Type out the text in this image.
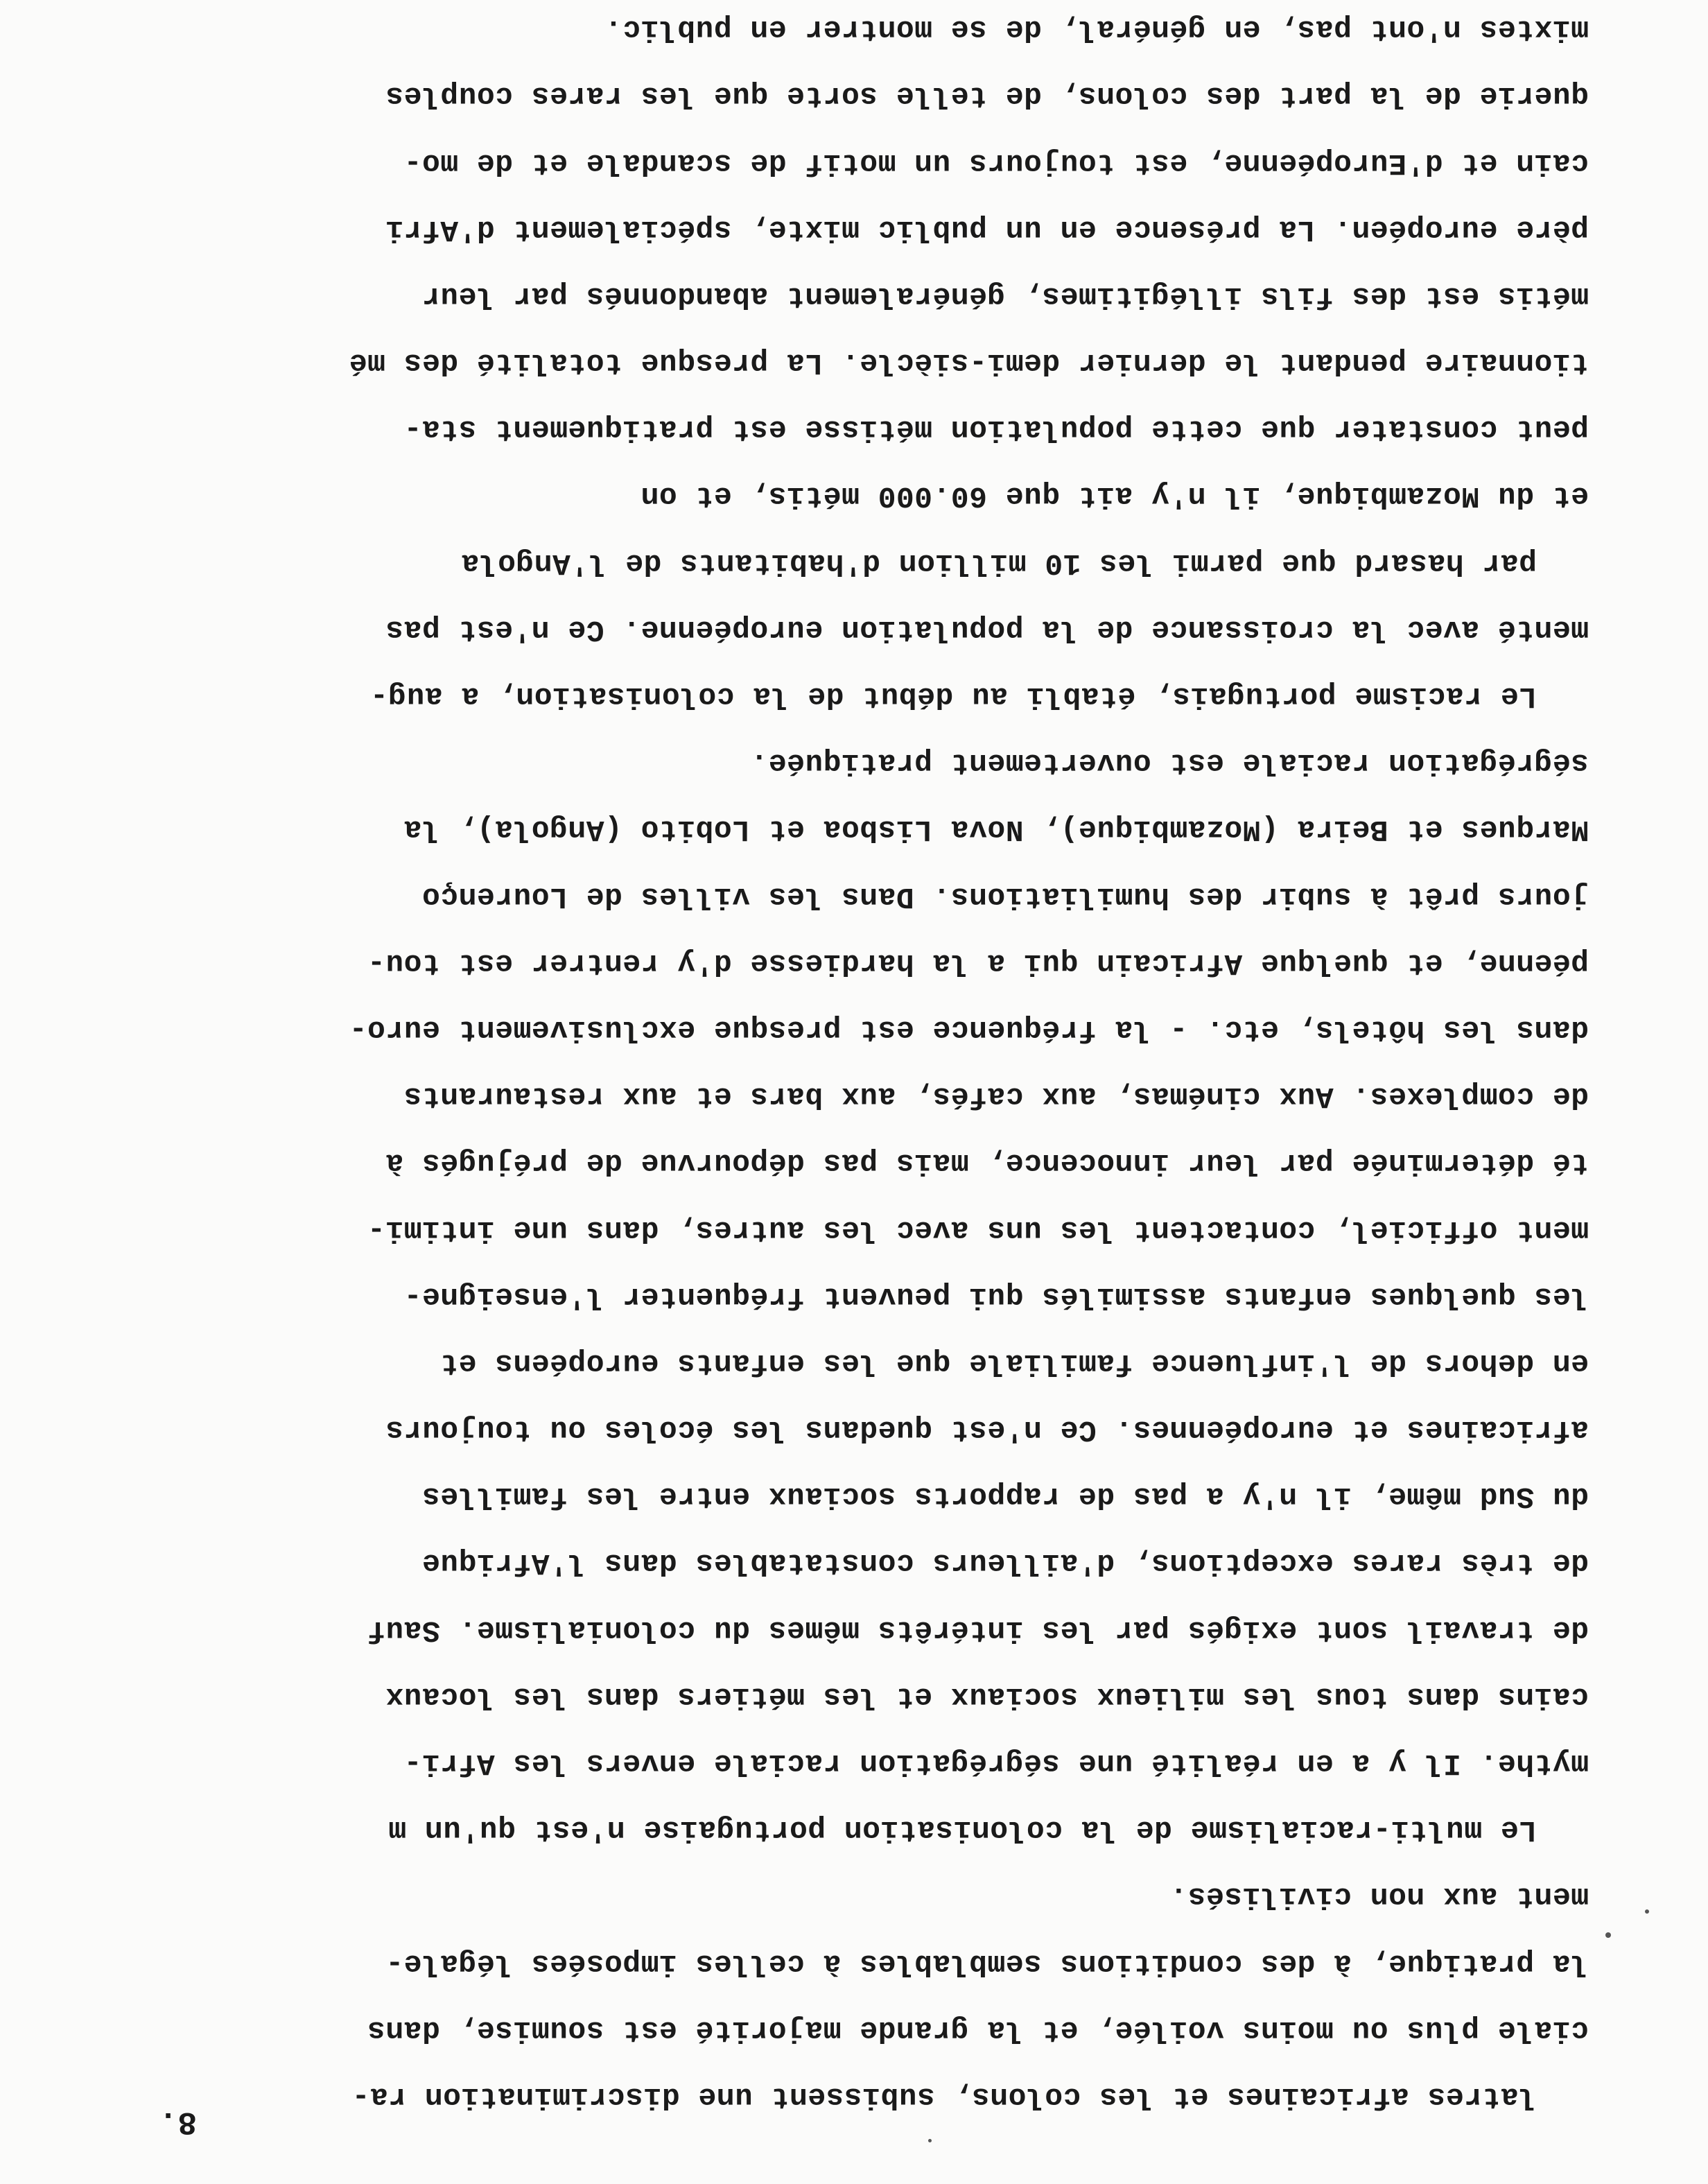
8.
latres africaines et les colons, subissent une discrimination ra-
ciale plus ou moins voilée, et la grande majorité est soumise, dans
la pratique, à des conditions semblables à celles imposées légale-
ment aux non civilisés.
Le multi-racialisme de la colonisation portugaise n'est qu'un m
mythe. Il y a en réalité une ségrégation raciale envers les Afri-
cains dans tous les milieux sociaux et les métiers dans les locaux
de travail sont exigés par les intérêts mêmes du colonialisme. Sauf
de très rares exceptions, d'ailleurs constatables dans l'Afrique
du Sud même, il n'y a pas de rapports sociaux entre les familles
africaines et européennes. Ce n'est quedans les écoles ou toujours
en dehors de l'influence familiale que les enfants européens et
les quelques enfants assimilés qui peuvent fréquenter l'enseigne-
ment officiel, contactent les uns avec les autres, dans une intimi-
té déterminée par leur innocence, mais pas dépourvue de préjugés à
de complexes. Aux cinémas, aux cafés, aux bars et aux restaurants
dans les hôtels, etc. - la fréquence est presque exclusivement euro-
péenne, et quelque Africain qui a la hardiesse d'y rentrer est tou-
jours prêt à subir des humiliations. Dans les villes de Lourenço
Marques et Beira (Mozambique), Nova Lisboa et Lobito (Angola), la
ségrégation raciale est ouvertement pratiquée.
Le racisme portugais, établi au début de la colonisation, a aug-
menté avec la croissance de la population européenne. Ce n'est pas
par hasard que parmi les 10 million d'habitants de l'Angola
et du Mozambique, il n'y ait que 60.000 métis, et on
peut constater que cette population métisse est pratiquement sta-
tionnaire pendant le dernier demi-siècle. La presque totalité des mé
métis est des fils illégitimes, généralement abandonnés par leur
père européen. La présence en un public mixte, spécialement d'Afri
cain et d'Européenne, est toujours un motif de scandale et de mo-
querie de la part des colons, de telle sorte que les rares couples
mixtes n'ont pas, en général, de se montrer en public.
